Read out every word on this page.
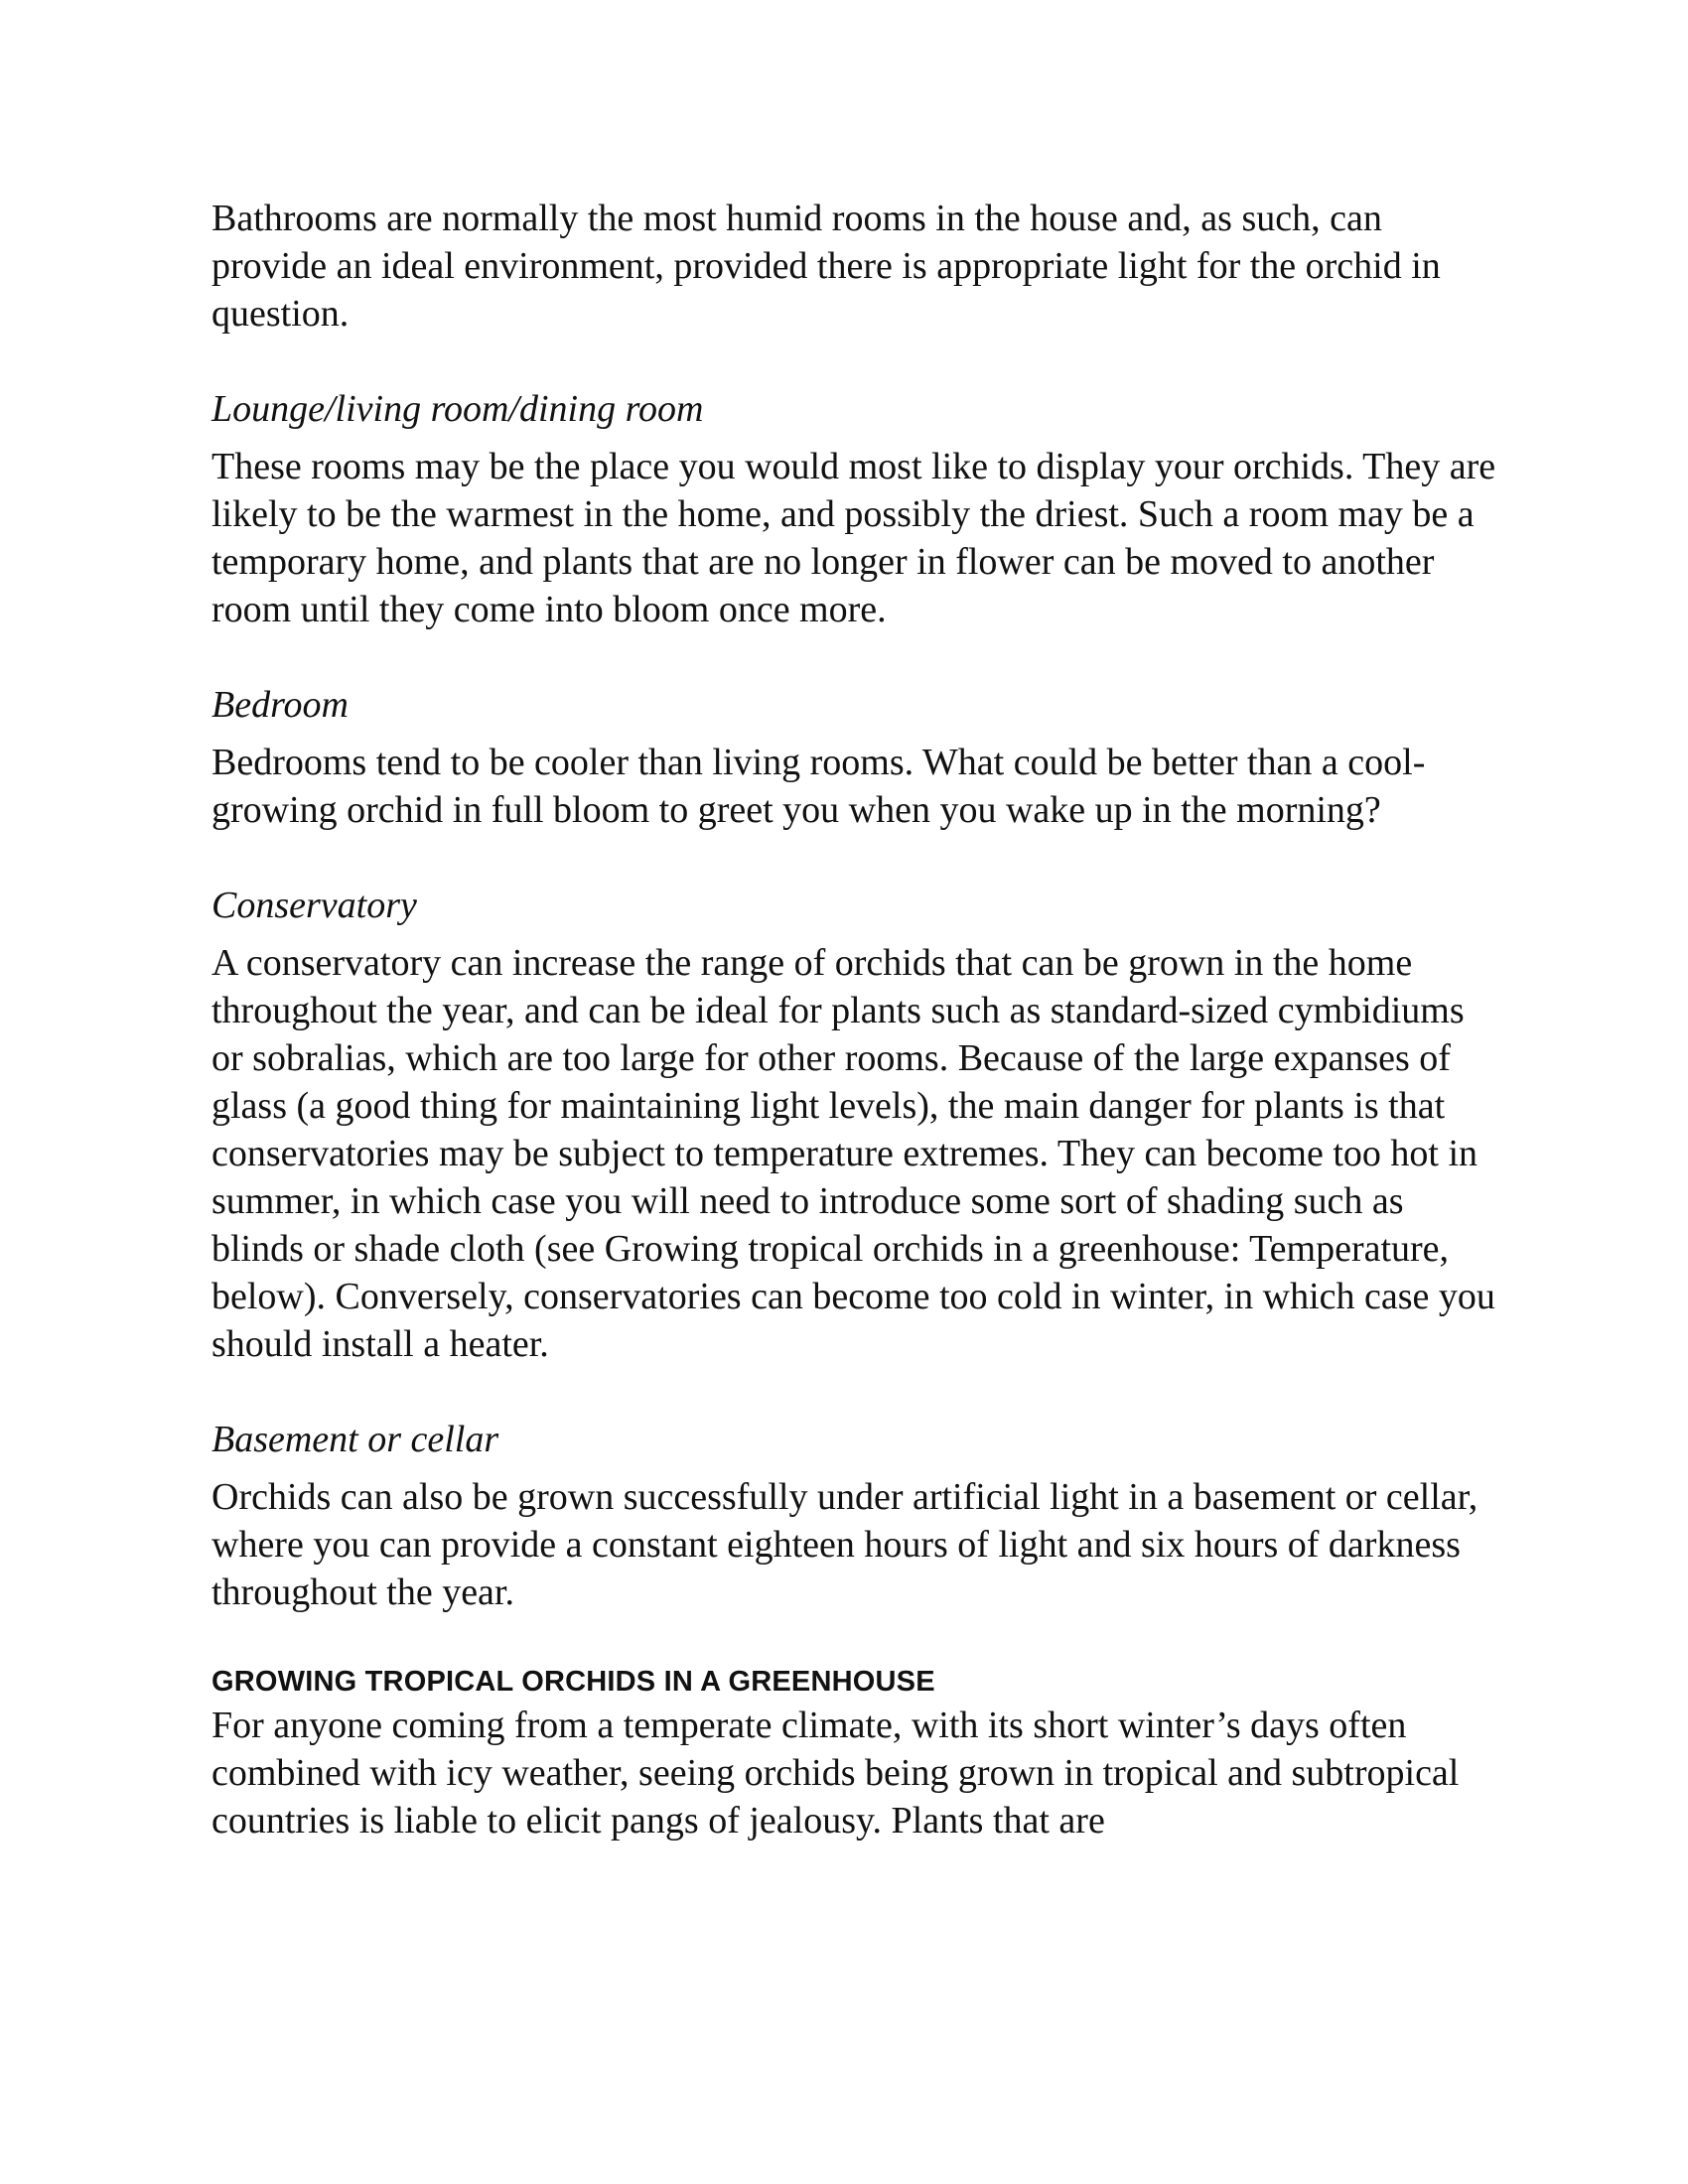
Bathrooms are normally the most humid rooms in the house and, as such, can provide an ideal environment, provided there is appropriate light for the orchid in question.

Lounge/living room/dining room

These rooms may be the place you would most like to display your orchids. They are likely to be the warmest in the home, and possibly the driest. Such a room may be a temporary home, and plants that are no longer in flower can be moved to another room until they come into bloom once more.

Bedroom

Bedrooms tend to be cooler than living rooms. What could be better than a cool-growing orchid in full bloom to greet you when you wake up in the morning?

Conservatory

A conservatory can increase the range of orchids that can be grown in the home throughout the year, and can be ideal for plants such as standard-sized cymbidiums or sobralias, which are too large for other rooms. Because of the large expanses of glass (a good thing for maintaining light levels), the main danger for plants is that conservatories may be subject to temperature extremes. They can become too hot in summer, in which case you will need to introduce some sort of shading such as blinds or shade cloth (see Growing tropical orchids in a greenhouse: Temperature, below). Conversely, conservatories can become too cold in winter, in which case you should install a heater.

Basement or cellar

Orchids can also be grown successfully under artificial light in a basement or cellar, where you can provide a constant eighteen hours of light and six hours of darkness throughout the year.

GROWING TROPICAL ORCHIDS IN A GREENHOUSE

For anyone coming from a temperate climate, with its short winter’s days often combined with icy weather, seeing orchids being grown in tropical and subtropical countries is liable to elicit pangs of jealousy. Plants that are
